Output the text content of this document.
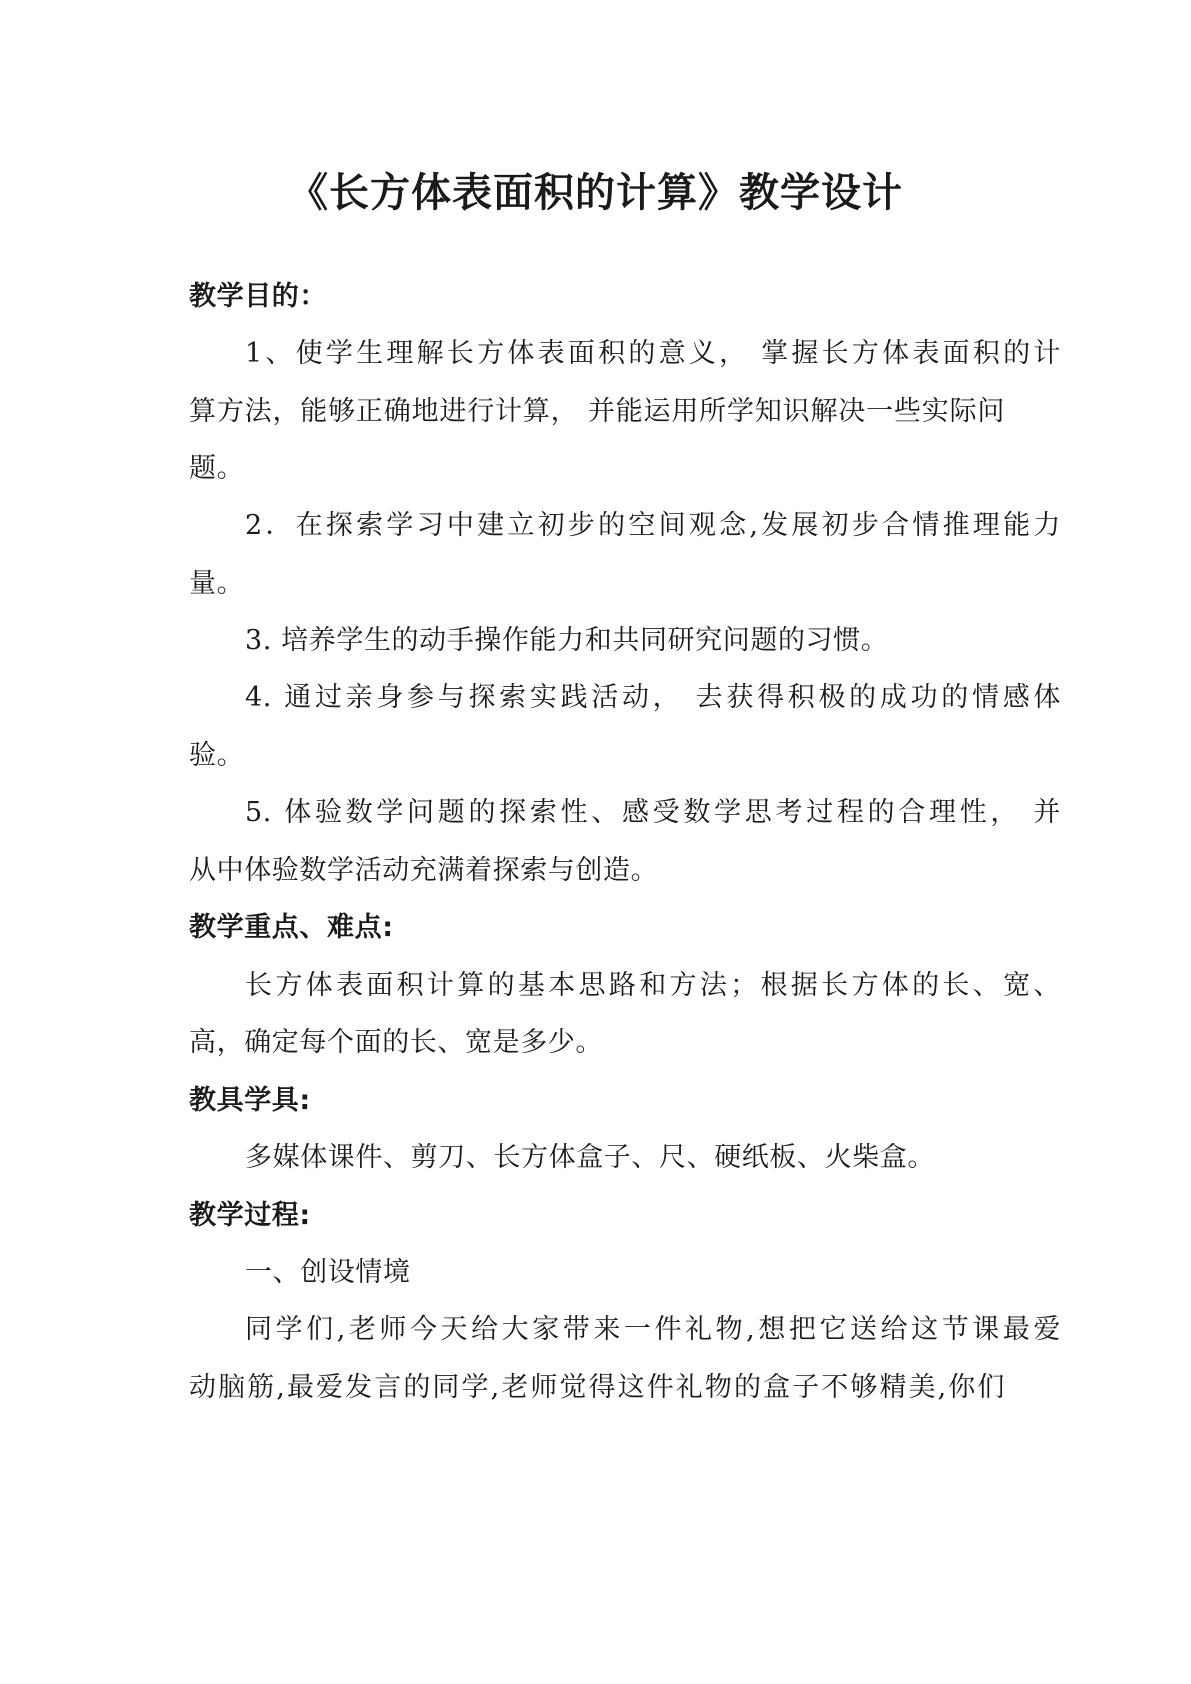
《长方体表面积的计算》教学设计
教学目的：
1、使学生理解长方体表面积的意义， 掌握长方体表面积的计
算方法，能够正确地进行计算， 并能运用所学知识解决一些实际问
题。
2．在探索学习中建立初步的空间观念,发展初步合情推理能力
量。
3. 培养学生的动手操作能力和共同研究问题的习惯。
4. 通过亲身参与探索实践活动， 去获得积极的成功的情感体
验。
5. 体验数学问题的探索性、感受数学思考过程的合理性， 并
从中体验数学活动充满着探索与创造。
教学重点、难点:
长方体表面积计算的基本思路和方法；根据长方体的长、宽、
高，确定每个面的长、宽是多少。
教具学具:
多媒体课件、剪刀、长方体盒子、尺、硬纸板、火柴盒。
教学过程:
一、创设情境
同学们,老师今天给大家带来一件礼物,想把它送给这节课最爱
动脑筋,最爱发言的同学,老师觉得这件礼物的盒子不够精美,你们
